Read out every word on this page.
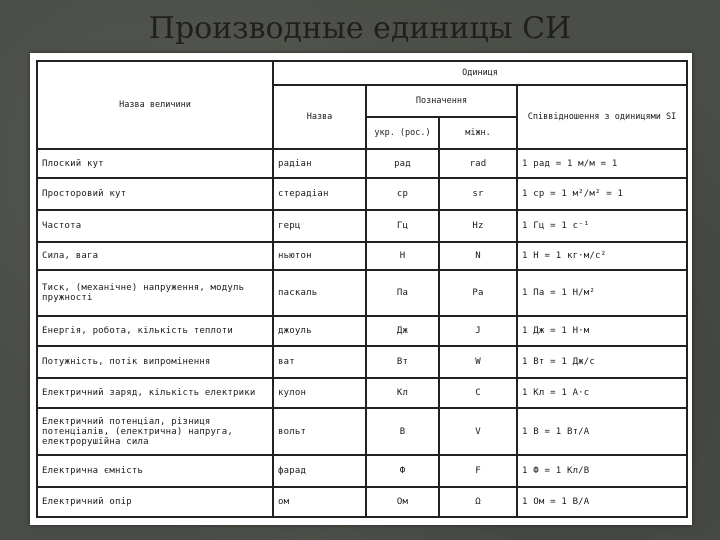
Производные единицы СИ
Назва величини	Одиниця			
	Назва	Позначення		Співвідношення з одиницями SI
		укр. (рос.)	міжн.	
Плоский кут	радіан	рад	rad	1 рад = 1 м/м = 1
Просторовий кут	стерадіан	ср	sr	1 ср = 1 м²/м² = 1
Частота	герц	Гц	Hz	1 Гц = 1 с⁻¹
Сила, вага	ньютон	Н	N	1 Н = 1 кг·м/с²
Тиск, (механічне) напруження, модуль пружності	паскаль	Па	Pa	1 Па = 1 Н/м²
Енергія, робота, кількість теплоти	джоуль	Дж	J	1 Дж = 1 Н·м
Потужність, потік випромінення	ват	Вт	W	1 Вт = 1 Дж/с
Електричний заряд, кількість електрики	кулон	Кл	C	1 Кл = 1 А·с
Електричний потенціал, різниця потенціалів, (електрична) напруга, електрорушійна сила	вольт	В	V	1 В = 1 Вт/А
Електрична ємність	фарад	Ф	F	1 Ф = 1 Кл/В
Електричний опір	ом	Ом	Ω	1 Ом = 1 В/А
